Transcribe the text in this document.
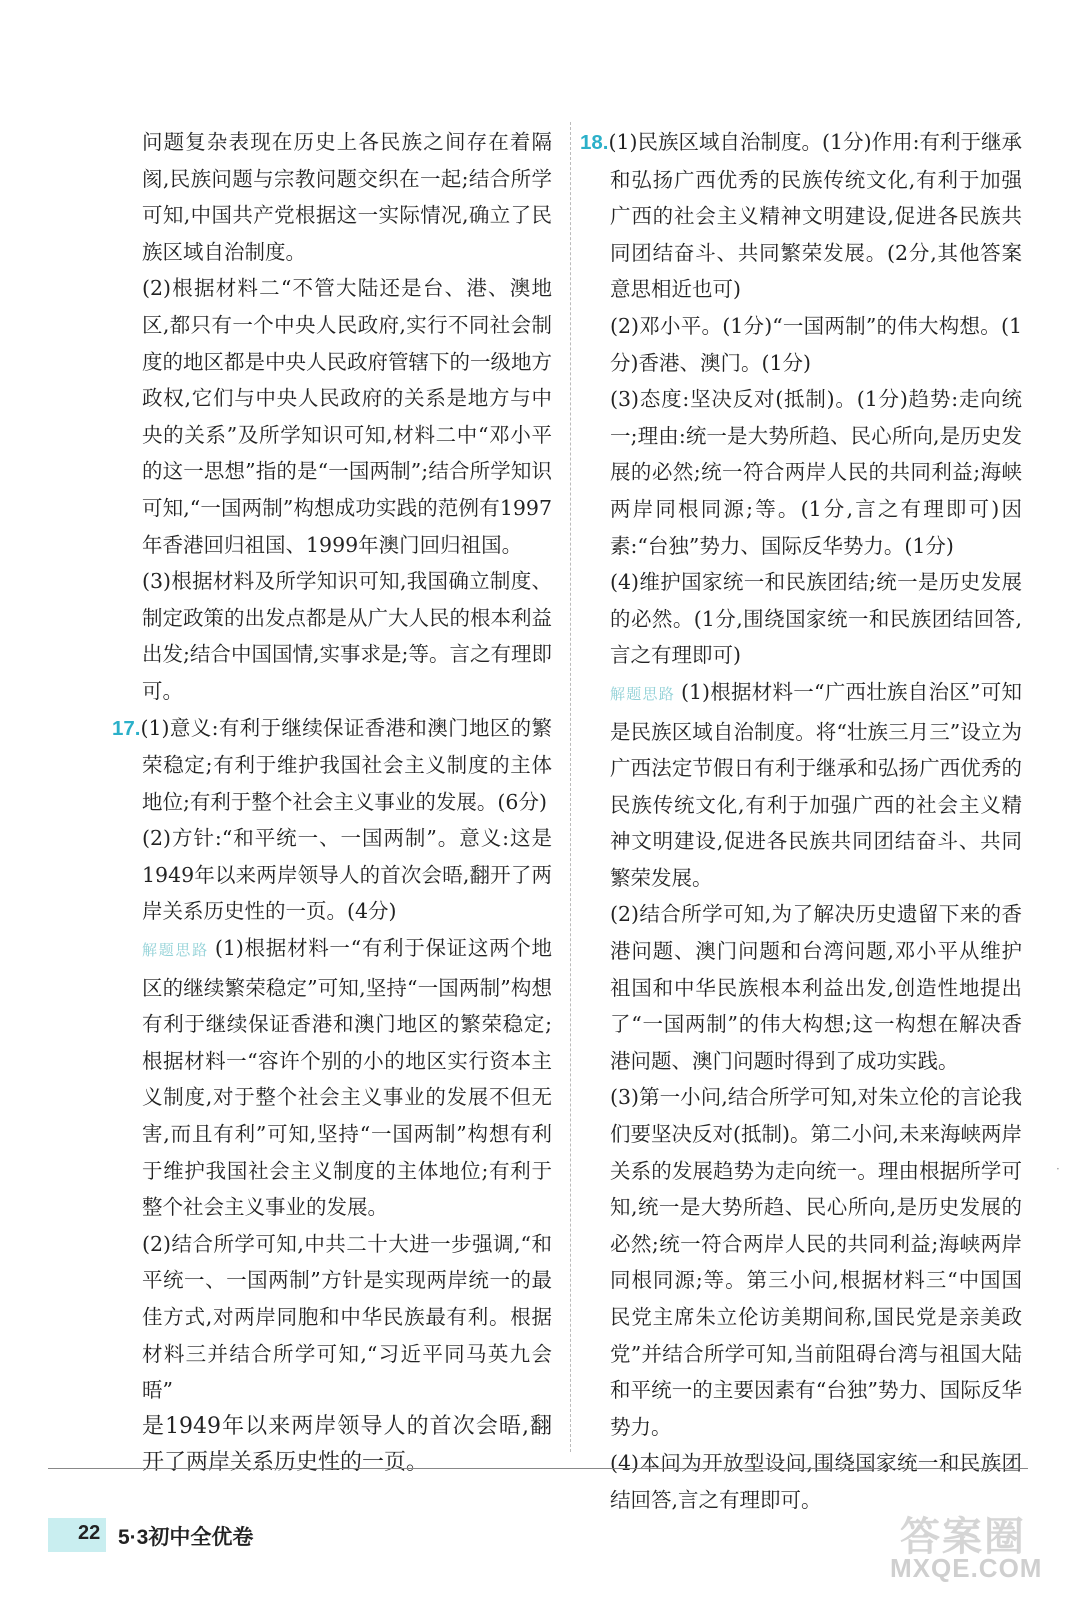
问题复杂表现在历史上各民族之间存在着隔阂,民族问题与宗教问题交织在一起;结合所学可知,中国共产党根据这一实际情况,确立了民族区域自治制度。

(2)根据材料二“不管大陆还是台、港、澳地区,都只有一个中央人民政府,实行不同社会制度的地区都是中央人民政府管辖下的一级地方政权,它们与中央人民政府的关系是地方与中央的关系”及所学知识可知,材料二中“邓小平的这一思想”指的是“一国两制”;结合所学知识可知,“一国两制”构想成功实践的范例有1997年香港回归祖国、1999年澳门回归祖国。

(3)根据材料及所学知识可知,我国确立制度、制定政策的出发点都是从广大人民的根本利益出发;结合中国国情,实事求是;等。言之有理即可。

17.(1)意义:有利于继续保证香港和澳门地区的繁荣稳定;有利于维护我国社会主义制度的主体地位;有利于整个社会主义事业的发展。(6分)

(2)方针:“和平统一、一国两制”。意义:这是1949年以来两岸领导人的首次会晤,翻开了两岸关系历史性的一页。(4分)

解题思路 (1)根据材料一“有利于保证这两个地区的继续繁荣稳定”可知,坚持“一国两制”构想有利于继续保证香港和澳门地区的繁荣稳定;根据材料一“容许个别的小的地区实行资本主义制度,对于整个社会主义事业的发展不但无害,而且有利”可知,坚持“一国两制”构想有利于维护我国社会主义制度的主体地位;有利于整个社会主义事业的发展。

(2)结合所学可知,中共二十大进一步强调,“和平统一、一国两制”方针是实现两岸统一的最佳方式,对两岸同胞和中华民族最有利。根据材料三并结合所学可知,“习近平同马英九会晤”

是1949年以来两岸领导人的首次会晤,翻开了两岸关系历史性的一页。

18.(1)民族区域自治制度。(1分)作用:有利于继承和弘扬广西优秀的民族传统文化,有利于加强广西的社会主义精神文明建设,促进各民族共同团结奋斗、共同繁荣发展。(2分,其他答案意思相近也可)

(2)邓小平。(1分)“一国两制”的伟大构想。(1分)香港、澳门。(1分)

(3)态度:坚决反对(抵制)。(1分)趋势:走向统一;理由:统一是大势所趋、民心所向,是历史发展的必然;统一符合两岸人民的共同利益;海峡两岸同根同源;等。(1分,言之有理即可)因素:“台独”势力、国际反华势力。(1分)

(4)维护国家统一和民族团结;统一是历史发展的必然。(1分,围绕国家统一和民族团结回答,言之有理即可)

解题思路 (1)根据材料一“广西壮族自治区”可知是民族区域自治制度。将“壮族三月三”设立为广西法定节假日有利于继承和弘扬广西优秀的民族传统文化,有利于加强广西的社会主义精神文明建设,促进各民族共同团结奋斗、共同繁荣发展。

(2)结合所学可知,为了解决历史遗留下来的香港问题、澳门问题和台湾问题,邓小平从维护祖国和中华民族根本利益出发,创造性地提出了“一国两制”的伟大构想;这一构想在解决香港问题、澳门问题时得到了成功实践。

(3)第一小问,结合所学可知,对朱立伦的言论我们要坚决反对(抵制)。第二小问,未来海峡两岸关系的发展趋势为走向统一。理由根据所学可知,统一是大势所趋、民心所向,是历史发展的必然;统一符合两岸人民的共同利益;海峡两岸同根同源;等。第三小问,根据材料三“中国国民党主席朱立伦访美期间称,国民党是亲美政党”并结合所学可知,当前阻碍台湾与祖国大陆和平统一的主要因素有“台独”势力、国际反华势力。

(4)本问为开放型设问,围绕国家统一和民族团结回答,言之有理即可。

·
22 5·3初中全优卷	答案圈
MXQE.COM
